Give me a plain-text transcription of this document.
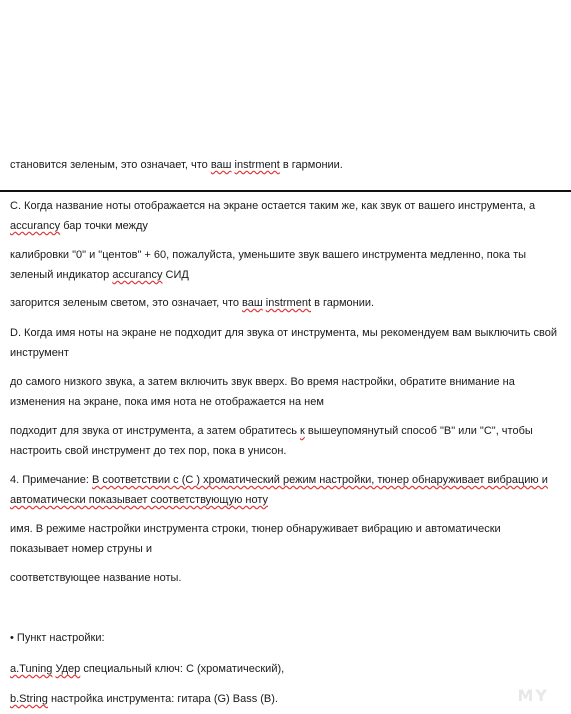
становится зеленым, это означает, что ваш instrment в гармонии.

C. Когда название ноты отображается на экране остается таким же, как звук от вашего инструмента, а accurancy бар точки между

калибровки "0" и "центов" + 60, пожалуйста, уменьшите звук вашего инструмента медленно, пока ты зеленый индикатор accurancy СИД

загорится зеленым светом, это означает, что ваш instrment в гармонии.

D. Когда имя ноты на экране не подходит для звука от инструмента, мы рекомендуем вам выключить свой инструмент

до самого низкого звука, а затем включить звук вверх. Во время настройки, обратите внимание на изменения на экране, пока имя нота не отображается на нем

подходит для звука от инструмента, а затем обратитесь к вышеупомянутый способ "B" или "C", чтобы настроить свой инструмент до тех пор, пока в унисон.

4. Примечание: В соответствии с (C ) хроматический режим настройки, тюнер обнаруживает вибрацию и автоматически показывает соответствующую ноту

имя. В режиме настройки инструмента строки, тюнер обнаруживает вибрацию и автоматически показывает номер струны и

соответствующее название ноты.

• Пункт настройки:

a.Tuning Удер специальный ключ: C (хроматический),

b.String настройка инструмента: гитара (G) Bass (B).	MY
